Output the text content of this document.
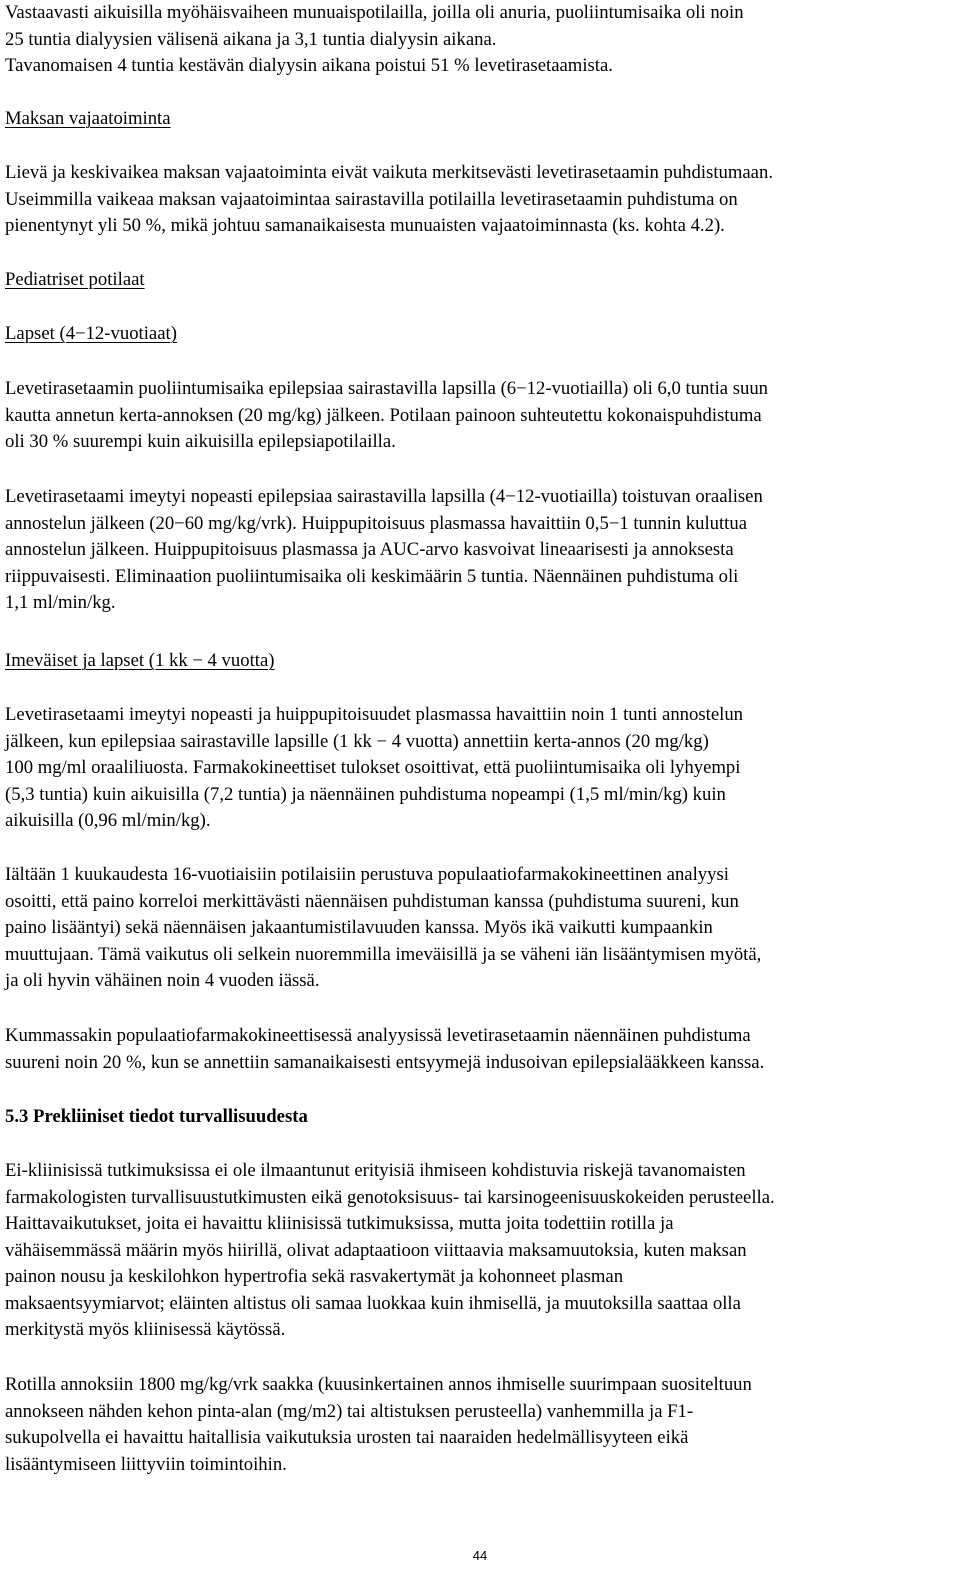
Vastaavasti aikuisilla myöhäisvaiheen munuaispotilailla, joilla oli anuria, puoliintumisaika oli noin
25 tuntia dialyysien välisenä aikana ja 3,1 tuntia dialyysin aikana.
Tavanomaisen 4 tuntia kestävän dialyysin aikana poistui 51 % levetirasetaamista.
Maksan vajaatoiminta
Lievä ja keskivaikea maksan vajaatoiminta eivät vaikuta merkitsevästi levetirasetaamin puhdistumaan.
Useimmilla vaikeaa maksan vajaatoimintaa sairastavilla potilailla levetirasetaamin puhdistuma on
pienentynyt yli 50 %, mikä johtuu samanaikaisesta munuaisten vajaatoiminnasta (ks. kohta 4.2).
Pediatriset potilaat
Lapset (4−12-vuotiaat)
Levetirasetaamin puoliintumisaika epilepsiaa sairastavilla lapsilla (6−12-vuotiailla) oli 6,0 tuntia suun
kautta annetun kerta-annoksen (20 mg/kg) jälkeen. Potilaan painoon suhteutettu kokonaispuhdistuma
oli 30 % suurempi kuin aikuisilla epilepsiapotilailla.
Levetirasetaami imeytyi nopeasti epilepsiaa sairastavilla lapsilla (4−12-vuotiailla) toistuvan oraalisen
annostelun jälkeen (20−60 mg/kg/vrk). Huippupitoisuus plasmassa havaittiin 0,5−1 tunnin kuluttua
annostelun jälkeen. Huippupitoisuus plasmassa ja AUC-arvo kasvoivat lineaarisesti ja annoksesta
riippuvaisesti. Eliminaation puoliintumisaika oli keskimäärin 5 tuntia. Näennäinen puhdistuma oli
1,1 ml/min/kg.
Imeväiset ja lapset (1 kk − 4 vuotta)
Levetirasetaami imeytyi nopeasti ja huippupitoisuudet plasmassa havaittiin noin 1 tunti annostelun
jälkeen, kun epilepsiaa sairastaville lapsille (1 kk − 4 vuotta) annettiin kerta-annos (20 mg/kg)
100 mg/ml oraaliliuosta. Farmakokineettiset tulokset osoittivat, että puoliintumisaika oli lyhyempi
(5,3 tuntia) kuin aikuisilla (7,2 tuntia) ja näennäinen puhdistuma nopeampi (1,5 ml/min/kg) kuin
aikuisilla (0,96 ml/min/kg).
Iältään 1 kuukaudesta 16-vuotiaisiin potilaisiin perustuva populaatiofarmakokineettinen analyysi
osoitti, että paino korreloi merkittävästi näennäisen puhdistuman kanssa (puhdistuma suureni, kun
paino lisääntyi) sekä näennäisen jakaantumistilavuuden kanssa. Myös ikä vaikutti kumpaankin
muuttujaan. Tämä vaikutus oli selkein nuoremmilla imeväisillä ja se väheni iän lisääntymisen myötä,
ja oli hyvin vähäinen noin 4 vuoden iässä.
Kummassakin populaatiofarmakokineettisessä analyysissä levetirasetaamin näennäinen puhdistuma
suureni noin 20 %, kun se annettiin samanaikaisesti entsyymejä indusoivan epilepsialääkkeen kanssa.
5.3 Prekliiniset tiedot turvallisuudesta
Ei-kliinisissä tutkimuksissa ei ole ilmaantunut erityisiä ihmiseen kohdistuvia riskejä tavanomaisten
farmakologisten turvallisuustutkimusten eikä genotoksisuus- tai karsinogeenisuuskokeiden perusteella.
Haittavaikutukset, joita ei havaittu kliinisissä tutkimuksissa, mutta joita todettiin rotilla ja
vähäisemmässä määrin myös hiirillä, olivat adaptaatioon viittaavia maksamuutoksia, kuten maksan
painon nousu ja keskilohkon hypertrofia sekä rasvakertymät ja kohonneet plasman
maksaentsyymiarvot; eläinten altistus oli samaa luokkaa kuin ihmisellä, ja muutoksilla saattaa olla
merkitystä myös kliinisessä käytössä.
Rotilla annoksiin 1800 mg/kg/vrk saakka (kuusinkertainen annos ihmiselle suurimpaan suositeltuun
annokseen nähden kehon pinta-alan (mg/m2) tai altistuksen perusteella) vanhemmilla ja F1-
sukupolvella ei havaittu haitallisia vaikutuksia urosten tai naaraiden hedelmällisyyteen eikä
lisääntymiseen liittyviin toimintoihin.
44
